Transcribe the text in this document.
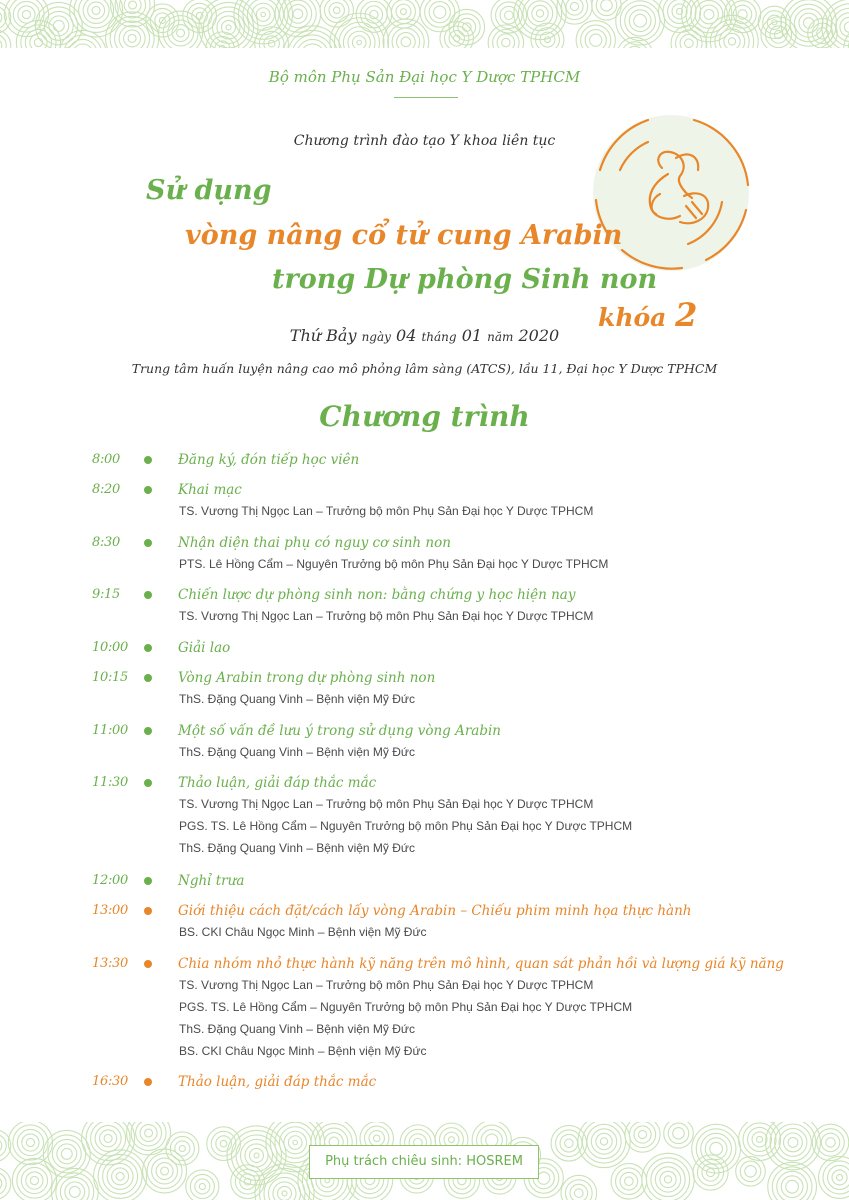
Bộ môn Phụ Sản Đại học Y Dược TPHCM
Chương trình đào tạo Y khoa liên tục
Sử dụng
vòng nâng cổ tử cung Arabin
trong Dự phòng Sinh non
khóa 2
Thứ Bảy ngày 04 tháng 01 năm 2020
Trung tâm huấn luyện nâng cao mô phỏng lâm sàng (ATCS), lầu 11, Đại học Y Dược TPHCM
Chương trình
8:00	Đăng ký, đón tiếp học viên
8:20	Khai mạc
TS. Vương Thị Ngọc Lan – Trưởng bộ môn Phụ Sản Đại học Y Dược TPHCM
8:30	Nhận diện thai phụ có nguy cơ sinh non
PTS. Lê Hồng Cẩm – Nguyên Trưởng bộ môn Phụ Sản Đại học Y Dược TPHCM
9:15	Chiến lược dự phòng sinh non: bằng chứng y học hiện nay
TS. Vương Thị Ngọc Lan – Trưởng bộ môn Phụ Sản Đại học Y Dược TPHCM
10:00	Giải lao
10:15	Vòng Arabin trong dự phòng sinh non
ThS. Đặng Quang Vinh – Bệnh viện Mỹ Đức
11:00	Một số vấn đề lưu ý trong sử dụng vòng Arabin
ThS. Đặng Quang Vinh – Bệnh viện Mỹ Đức
11:30	Thảo luận, giải đáp thắc mắc
TS. Vương Thị Ngọc Lan – Trưởng bộ môn Phụ Sản Đại học Y Dược TPHCM
PGS. TS. Lê Hồng Cẩm – Nguyên Trưởng bộ môn Phụ Sản Đại học Y Dược TPHCM
ThS. Đặng Quang Vinh – Bệnh viện Mỹ Đức
12:00	Nghỉ trưa
13:00	Giới thiệu cách đặt/cách lấy vòng Arabin – Chiếu phim minh họa thực hành
BS. CKI Châu Ngọc Minh – Bệnh viện Mỹ Đức
13:30	Chia nhóm nhỏ thực hành kỹ năng trên mô hình, quan sát phản hồi và lượng giá kỹ năng
TS. Vương Thị Ngọc Lan – Trưởng bộ môn Phụ Sản Đại học Y Dược TPHCM
PGS. TS. Lê Hồng Cẩm – Nguyên Trưởng bộ môn Phụ Sản Đại học Y Dược TPHCM
ThS. Đặng Quang Vinh – Bệnh viện Mỹ Đức
BS. CKI Châu Ngọc Minh – Bệnh viện Mỹ Đức
16:30	Thảo luận, giải đáp thắc mắc
Phụ trách chiêu sinh: HOSREM
